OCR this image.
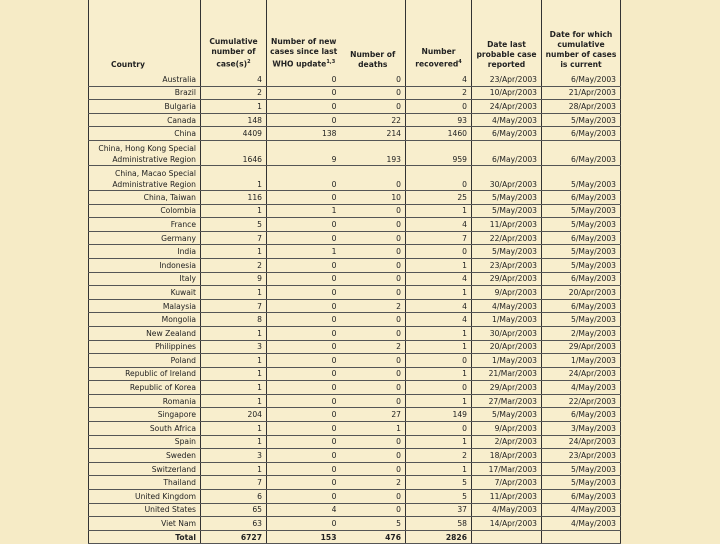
Country	Cumulative number of $case(s)^2$	Number of new cases since last WHO update$^{1,3}$	Number of deaths	Number recovered$^4$	Date last probable case reported	Date for which cumulative number of cases is current
Australia	4	0	0	4	23/Apr/2003	6/May/2003
Brazil	2	0	0	2	10/Apr/2003	21/Apr/2003
Bulgaria	1	0	0	0	24/Apr/2003	28/Apr/2003
Canada	148	0	22	93	4/May/2003	5/May/2003
China	4409	138	214	1460	6/May/2003	6/May/2003
China, Hong Kong Special Administrative Region	1646	9	193	959	6/May/2003	6/May/2003
China, Macao Special Administrative Region	1	0	0	0	30/Apr/2003	5/May/2003
China, Taiwan	116	0	10	25	5/May/2003	6/May/2003
Colombia	1	1	0	1	5/May/2003	5/May/2003
France	5	0	0	4	11/Apr/2003	5/May/2003
Germany	7	0	0	7	22/Apr/2003	6/May/2003
India	1	1	0	0	5/May/2003	5/May/2003
Indonesia	2	0	0	1	23/Apr/2003	5/May/2003
Italy	9	0	0	4	29/Apr/2003	6/May/2003
Kuwait	1	0	0	1	9/Apr/2003	20/Apr/2003
Malaysia	7	0	2	4	4/May/2003	6/May/2003
Mongolia	8	0	0	4	1/May/2003	5/May/2003
New Zealand	1	0	0	1	30/Apr/2003	2/May/2003
Philippines	3	0	2	1	20/Apr/2003	29/Apr/2003
Poland	1	0	0	0	1/May/2003	1/May/2003
Republic of Ireland	1	0	0	1	21/Mar/2003	24/Apr/2003
Republic of Korea	1	0	0	0	29/Apr/2003	4/May/2003
Romania	1	0	0	1	27/Mar/2003	22/Apr/2003
Singapore	204	0	27	149	5/May/2003	6/May/2003
South Africa	1	0	1	0	9/Apr/2003	3/May/2003
Spain	1	0	0	1	2/Apr/2003	24/Apr/2003
Sweden	3	0	0	2	18/Apr/2003	23/Apr/2003
Switzerland	1	0	0	1	17/Mar/2003	5/May/2003
Thailand	7	0	2	5	7/Apr/2003	5/May/2003
United Kingdom	6	0	0	5	11/Apr/2003	6/May/2003
United States	65	4	0	37	4/May/2003	4/May/2003
Viet Nam	63	0	5	58	14/Apr/2003	4/May/2003
Total	6727	153	476	2826		
